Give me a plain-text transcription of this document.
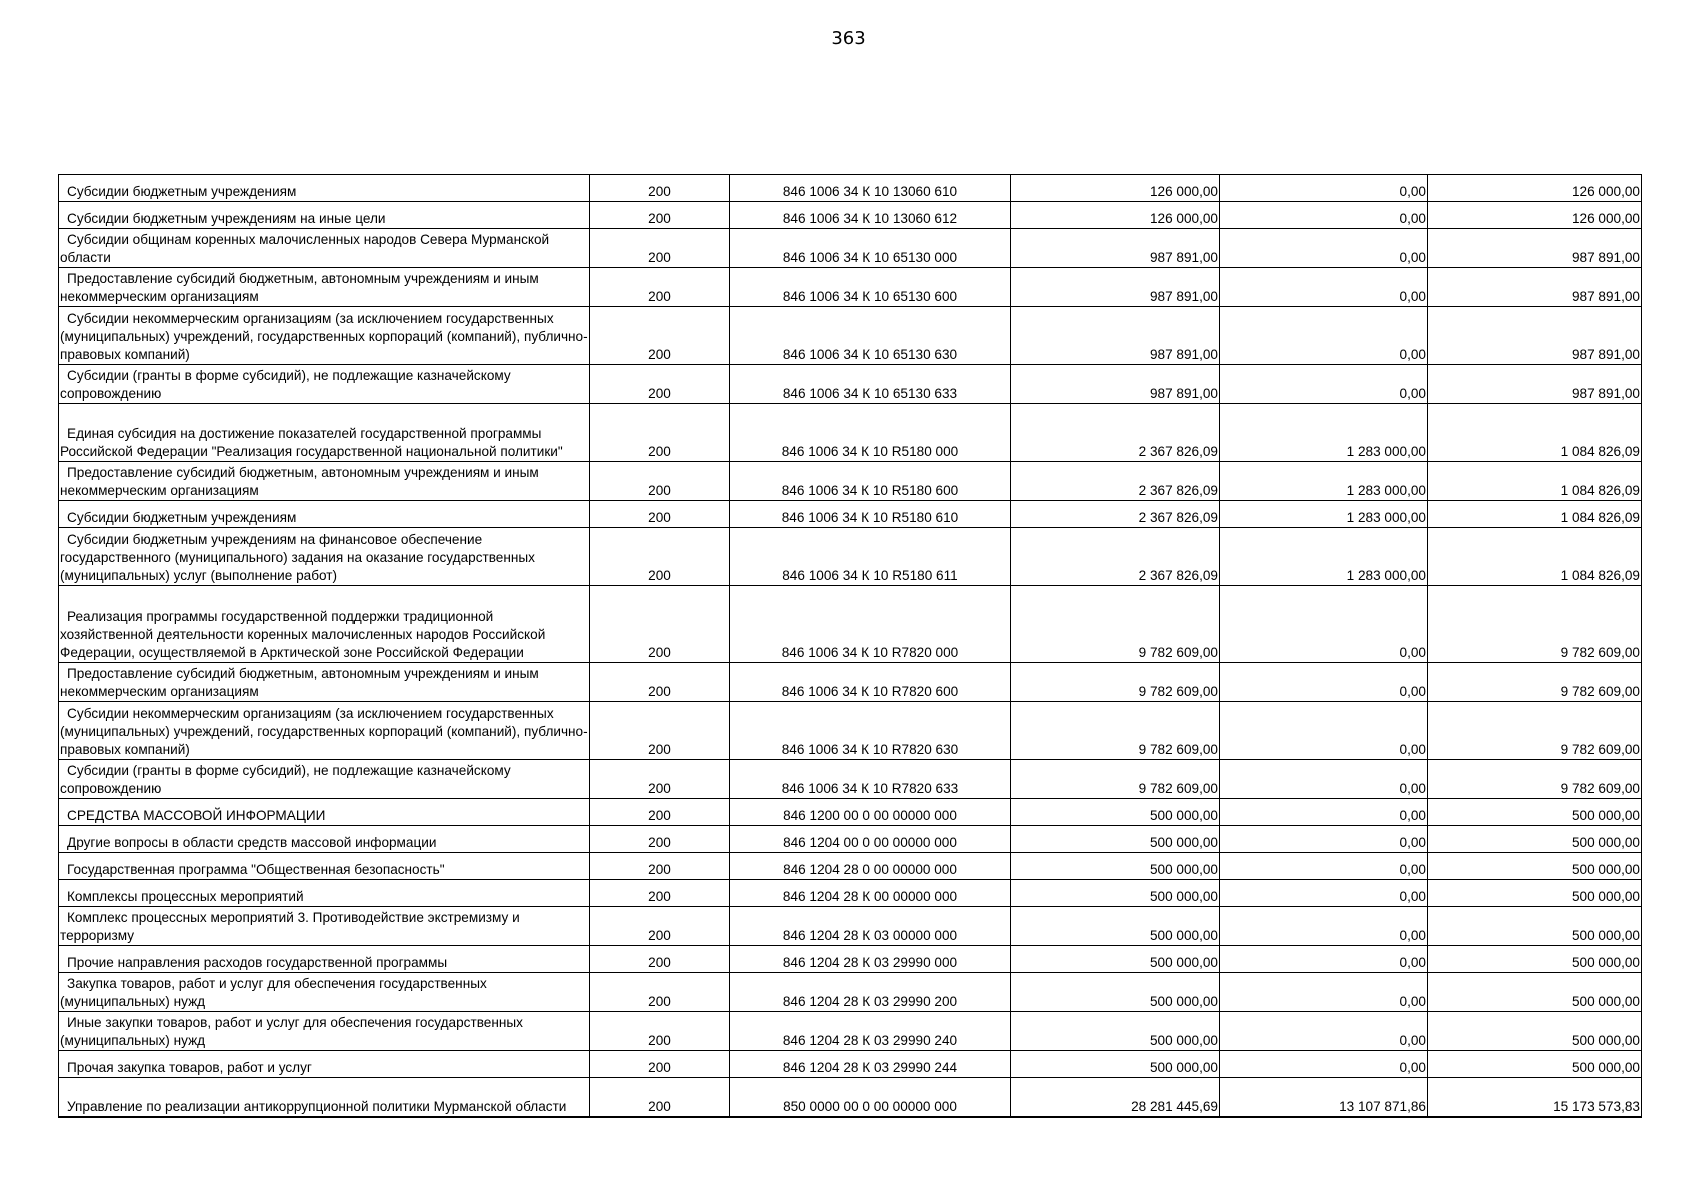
363
Субсидии бюджетным учреждениям	200	846 1006 34 К 10 13060 610	126 000,00	0,00	126 000,00
Субсидии бюджетным учреждениям на иные цели	200	846 1006 34 К 10 13060 612	126 000,00	0,00	126 000,00
Субсидии общинам коренных малочисленных народов Севера Мурманской области	200	846 1006 34 К 10 65130 000	987 891,00	0,00	987 891,00
Предоставление субсидий бюджетным, автономным учреждениям и иным некоммерческим организациям	200	846 1006 34 К 10 65130 600	987 891,00	0,00	987 891,00
Субсидии некоммерческим организациям (за исключением государственных (муниципальных) учреждений, государственных корпораций (компаний), публично-правовых компаний)	200	846 1006 34 К 10 65130 630	987 891,00	0,00	987 891,00
Субсидии (гранты в форме субсидий), не подлежащие казначейскому сопровождению	200	846 1006 34 К 10 65130 633	987 891,00	0,00	987 891,00
Единая субсидия на достижение показателей государственной программы Российской Федерации "Реализация государственной национальной политики"	200	846 1006 34 К 10 R5180 000	2 367 826,09	1 283 000,00	1 084 826,09
Предоставление субсидий бюджетным, автономным учреждениям и иным некоммерческим организациям	200	846 1006 34 К 10 R5180 600	2 367 826,09	1 283 000,00	1 084 826,09
Субсидии бюджетным учреждениям	200	846 1006 34 К 10 R5180 610	2 367 826,09	1 283 000,00	1 084 826,09
Субсидии бюджетным учреждениям на финансовое обеспечение государственного (муниципального) задания на оказание государственных (муниципальных) услуг (выполнение работ)	200	846 1006 34 К 10 R5180 611	2 367 826,09	1 283 000,00	1 084 826,09
Реализация программы государственной поддержки традиционной хозяйственной деятельности коренных малочисленных народов Российской Федерации, осуществляемой в Арктической зоне Российской Федерации	200	846 1006 34 К 10 R7820 000	9 782 609,00	0,00	9 782 609,00
Предоставление субсидий бюджетным, автономным учреждениям и иным некоммерческим организациям	200	846 1006 34 К 10 R7820 600	9 782 609,00	0,00	9 782 609,00
Субсидии некоммерческим организациям (за исключением государственных (муниципальных) учреждений, государственных корпораций (компаний), публично-правовых компаний)	200	846 1006 34 К 10 R7820 630	9 782 609,00	0,00	9 782 609,00
Субсидии (гранты в форме субсидий), не подлежащие казначейскому сопровождению	200	846 1006 34 К 10 R7820 633	9 782 609,00	0,00	9 782 609,00
СРЕДСТВА МАССОВОЙ ИНФОРМАЦИИ	200	846 1200 00 0 00 00000 000	500 000,00	0,00	500 000,00
Другие вопросы в области средств массовой информации	200	846 1204 00 0 00 00000 000	500 000,00	0,00	500 000,00
Государственная программа "Общественная безопасность"	200	846 1204 28 0 00 00000 000	500 000,00	0,00	500 000,00
Комплексы процессных мероприятий	200	846 1204 28 К 00 00000 000	500 000,00	0,00	500 000,00
Комплекс процессных мероприятий 3. Противодействие экстремизму и терроризму	200	846 1204 28 К 03 00000 000	500 000,00	0,00	500 000,00
Прочие направления расходов государственной программы	200	846 1204 28 К 03 29990 000	500 000,00	0,00	500 000,00
Закупка товаров, работ и услуг для обеспечения государственных (муниципальных) нужд	200	846 1204 28 К 03 29990 200	500 000,00	0,00	500 000,00
Иные закупки товаров, работ и услуг для обеспечения государственных (муниципальных) нужд	200	846 1204 28 К 03 29990 240	500 000,00	0,00	500 000,00
Прочая закупка товаров, работ и услуг	200	846 1204 28 К 03 29990 244	500 000,00	0,00	500 000,00
Управление по реализации антикоррупционной политики Мурманской области	200	850 0000 00 0 00 00000 000	28 281 445,69	13 107 871,86	15 173 573,83
